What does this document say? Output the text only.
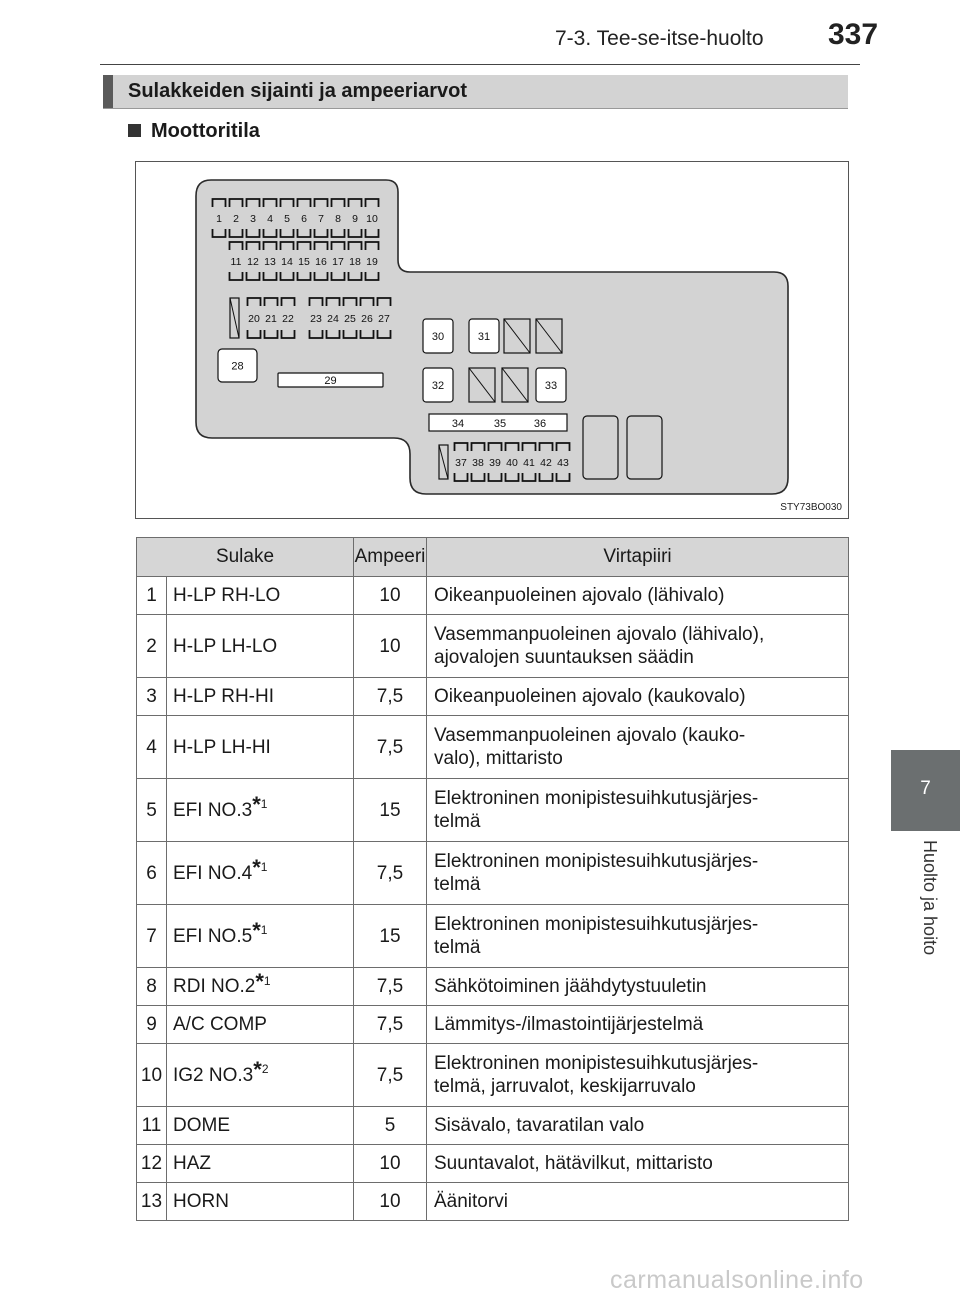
7-3. Tee-se-itse-huolto 337
Sulakkeiden sijainti ja ampeeriarvot
Moottoritila
1 2 3 4 5 6 7 8 9 10
11 12 13 14 15 16 17 18 19
20 21 22 23 24 25 26 27
28
29
30	31
32	33
34	35	36
37 38 39 40 41 42 43
STY73BO030
Sulake		Ampeeri	Virtapiiri
1	H-LP RH-LO	10	Oikeanpuoleinen ajovalo (lähivalo)
2	H-LP LH-LO	10	Vasemmanpuoleinen ajovalo (lähivalo),
ajovalojen suuntauksen säädin
3	H-LP RH-HI	7,5	Oikeanpuoleinen ajovalo (kaukovalo)
4	H-LP LH-HI	7,5	Vasemmanpuoleinen ajovalo (kauko-
valo), mittaristo
5	EFI NO.3$^{*1}$	15	Elektroninen monipistesuihkutusjärjes-
telmä
6	EFI NO.4$^{*1}$	7,5	Elektroninen monipistesuihkutusjärjes-
telmä
7	EFI NO.5$^{*1}$	15	Elektroninen monipistesuihkutusjärjes-
telmä
8	RDI NO.2$^{*1}$	7,5	Sähkötoiminen jäähdytystuuletin
9	A/C COMP	7,5	Lämmitys-/ilmastointijärjestelmä
10	IG2 NO.3$^{*2}$	7,5	Elektroninen monipistesuihkutusjärjes-
telmä, jarruvalot, keskijarruvalo
11	DOME	5	Sisävalo, tavaratilan valo
12	HAZ	10	Suuntavalot, hätävilkut, mittaristo
13	HORN	10	Äänitorvi
7
Huolto ja hoito
carmanualsonline.info
